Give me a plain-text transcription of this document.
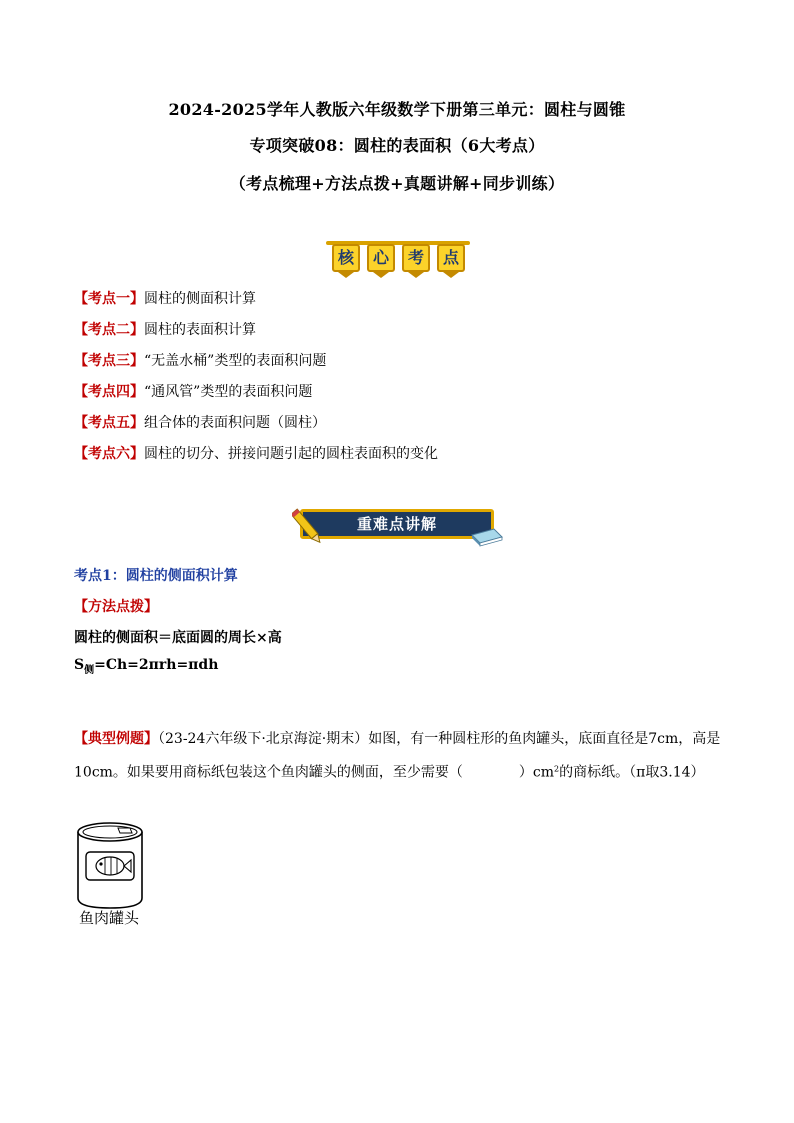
2024-2025学年人教版六年级数学下册第三单元：圆柱与圆锥
专项突破08：圆柱的表面积（6大考点）
（考点梳理+方法点拨+真题讲解+同步训练）
核	心	考	点
【考点一】圆柱的侧面积计算
【考点二】圆柱的表面积计算
【考点三】“无盖水桶”类型的表面积问题
【考点四】“通风管”类型的表面积问题
【考点五】组合体的表面积问题（圆柱）
【考点六】圆柱的切分、拼接问题引起的圆柱表面积的变化
重难点讲解
考点1：圆柱的侧面积计算
【方法点拨】
圆柱的侧面积＝底面圆的周长×高
$S_侧=Ch=2\pi rh=\pi dh$
【典型例题】（23-24六年级下·北京海淀·期末）如图，有一种圆柱形的鱼肉罐头，底面直径是7cm，高是10cm。如果要用商标纸包装这个鱼肉罐头的侧面，至少需要（　　　　）$cm^2$的商标纸。（π取3.14）
鱼肉罐头
